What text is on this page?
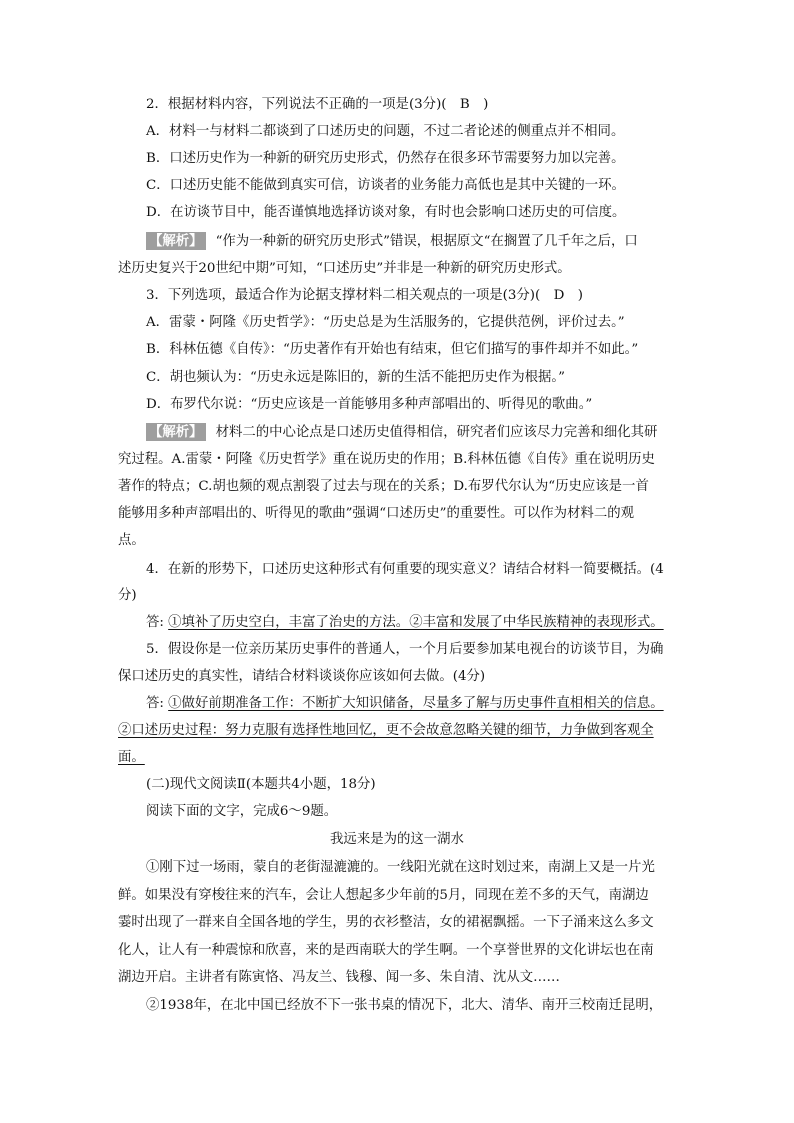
2．根据材料内容，下列说法不正确的一项是(3分)(　B　)
A．材料一与材料二都谈到了口述历史的问题，不过二者论述的侧重点并不相同。
B．口述历史作为一种新的研究历史形式，仍然存在很多环节需要努力加以完善。
C．口述历史能不能做到真实可信，访谈者的业务能力高低也是其中关键的一环。
D．在访谈节目中，能否谨慎地选择访谈对象，有时也会影响口述历史的可信度。
【解析】 “作为一种新的研究历史形式”错误，根据原文“在搁置了几千年之后，口
述历史复兴于20世纪中期”可知，“口述历史”并非是一种新的研究历史形式。
3．下列选项，最适合作为论据支撑材料二相关观点的一项是(3分)(　D　)
A．雷蒙・阿隆《历史哲学》：“历史总是为生活服务的，它提供范例，评价过去。”
B．科林伍德《自传》：“历史著作有开始也有结束，但它们描写的事件却并不如此。”
C．胡也频认为：“历史永远是陈旧的，新的生活不能把历史作为根据。”
D．布罗代尔说：“历史应该是一首能够用多种声部唱出的、听得见的歌曲。”
【解析】 材料二的中心论点是口述历史值得相信，研究者们应该尽力完善和细化其研
究过程。A.雷蒙・阿隆《历史哲学》重在说历史的作用；B.科林伍德《自传》重在说明历史
著作的特点；C.胡也频的观点割裂了过去与现在的关系；D.布罗代尔认为“历史应该是一首
能够用多种声部唱出的、听得见的歌曲”强调“口述历史”的重要性。可以作为材料二的观
点。
4．在新的形势下，口述历史这种形式有何重要的现实意义？请结合材料一简要概括。(4
分)
答: ①填补了历史空白，丰富了治史的方法。②丰富和发展了中华民族精神的表现形式。
5．假设你是一位亲历某历史事件的普通人，一个月后要参加某电视台的访谈节目，为确
保口述历史的真实性，请结合材料谈谈你应该如何去做。(4分)
答: ①做好前期准备工作：不断扩大知识储备，尽量多了解与历史事件直相相关的信息。
②口述历史过程：努力克服有选择性地回忆，更不会故意忽略关键的细节，力争做到客观全
面。
(二)现代文阅读Ⅱ(本题共4小题，18分)
阅读下面的文字，完成6～9题。
我远来是为的这一湖水
①刚下过一场雨，蒙自的老街湿漉漉的。一线阳光就在这时划过来，南湖上又是一片光
鲜。如果没有穿梭往来的汽车，会让人想起多少年前的5月，同现在差不多的天气，南湖边
霎时出现了一群来自全国各地的学生，男的衣衫整洁，女的裙裾飘摇。一下子涌来这么多文
化人，让人有一种震惊和欣喜，来的是西南联大的学生啊。一个享誉世界的文化讲坛也在南
湖边开启。主讲者有陈寅恪、冯友兰、钱穆、闻一多、朱自清、沈从文……
②1938年，在北中国已经放不下一张书桌的情况下，北大、清华、南开三校南迁昆明，
